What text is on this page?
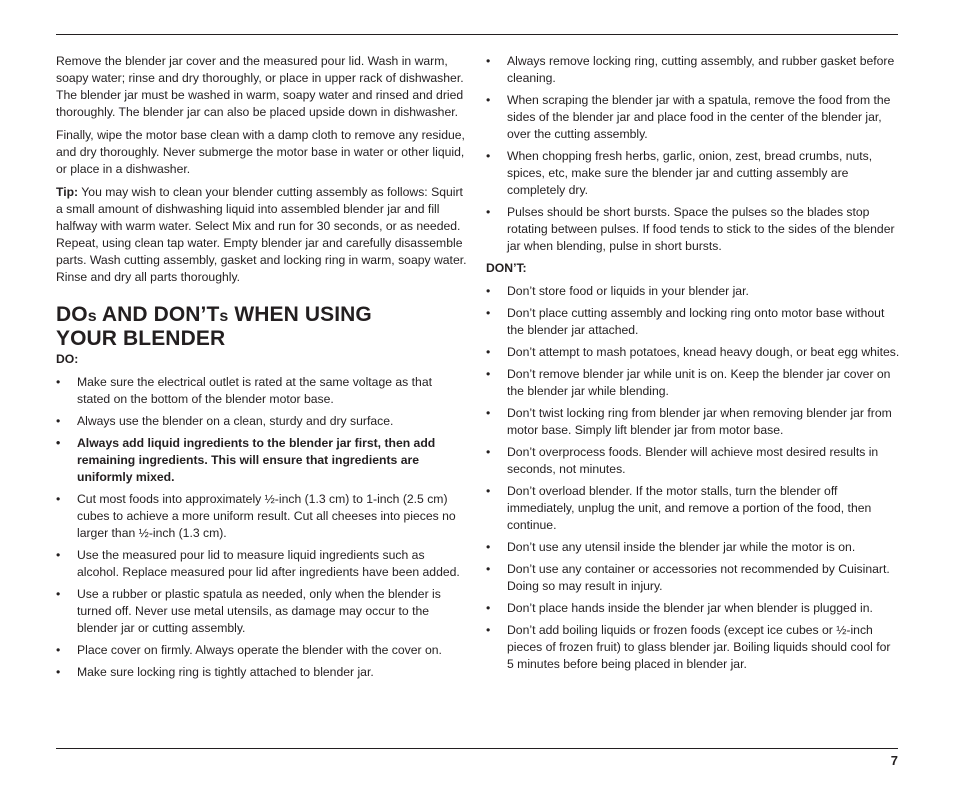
Remove the blender jar cover and the measured pour lid. Wash in warm, soapy water; rinse and dry thoroughly, or place in upper rack of dishwasher. The blender jar must be washed in warm, soapy water and rinsed and dried thoroughly. The blender jar can also be placed upside down in dishwasher.

Finally, wipe the motor base clean with a damp cloth to remove any residue, and dry thoroughly. Never submerge the motor base in water or other liquid, or place in a dishwasher.

Tip: You may wish to clean your blender cutting assembly as follows: Squirt a small amount of dishwashing liquid into assembled blender jar and fill halfway with warm water. Select Mix and run for 30 seconds, or as needed. Repeat, using clean tap water. Empty blender jar and carefully disassemble parts. Wash cutting assembly, gasket and locking ring in warm, soapy water. Rinse and dry all parts thoroughly.

DOs AND DON’Ts WHEN USING
YOUR BLENDER
DO:
• Make sure the electrical outlet is rated at the same voltage as that stated on the bottom of the blender motor base.
• Always use the blender on a clean, sturdy and dry surface.
• Always add liquid ingredients to the blender jar first, then add remaining ingredients. This will ensure that ingredients are uniformly mixed.
• Cut most foods into approximately ½-inch (1.3 cm) to 1-inch (2.5 cm) cubes to achieve a more uniform result. Cut all cheeses into pieces no larger than ½-inch (1.3 cm).
• Use the measured pour lid to measure liquid ingredients such as alcohol. Replace measured pour lid after ingredients have been added.
• Use a rubber or plastic spatula as needed, only when the blender is turned off. Never use metal utensils, as damage may occur to the blender jar or cutting assembly.
• Place cover on firmly. Always operate the blender with the cover on.
• Make sure locking ring is tightly attached to blender jar.
• Always remove locking ring, cutting assembly, and rubber gasket before cleaning.
• When scraping the blender jar with a spatula, remove the food from the sides of the blender jar and place food in the center of the blender jar, over the cutting assembly.
• When chopping fresh herbs, garlic, onion, zest, bread crumbs, nuts, spices, etc, make sure the blender jar and cutting assembly are completely dry.
• Pulses should be short bursts. Space the pulses so the blades stop rotating between pulses. If food tends to stick to the sides of the blender jar when blending, pulse in short bursts.
DON’T:
• Don’t store food or liquids in your blender jar.
• Don’t place cutting assembly and locking ring onto motor base without the blender jar attached.
• Don’t attempt to mash potatoes, knead heavy dough, or beat egg whites.
• Don’t remove blender jar while unit is on. Keep the blender jar cover on the blender jar while blending.
• Don’t twist locking ring from blender jar when removing blender jar from motor base. Simply lift blender jar from motor base.
• Don’t overprocess foods. Blender will achieve most desired results in seconds, not minutes.
• Don’t overload blender. If the motor stalls, turn the blender off immediately, unplug the unit, and remove a portion of the food, then continue.
• Don’t use any utensil inside the blender jar while the motor is on.
• Don’t use any container or accessories not recommended by Cuisinart. Doing so may result in injury.
• Don’t place hands inside the blender jar when blender is plugged in.
• Don’t add boiling liquids or frozen foods (except ice cubes or ½-inch pieces of frozen fruit) to glass blender jar. Boiling liquids should cool for 5 minutes before being placed in blender jar.
7
